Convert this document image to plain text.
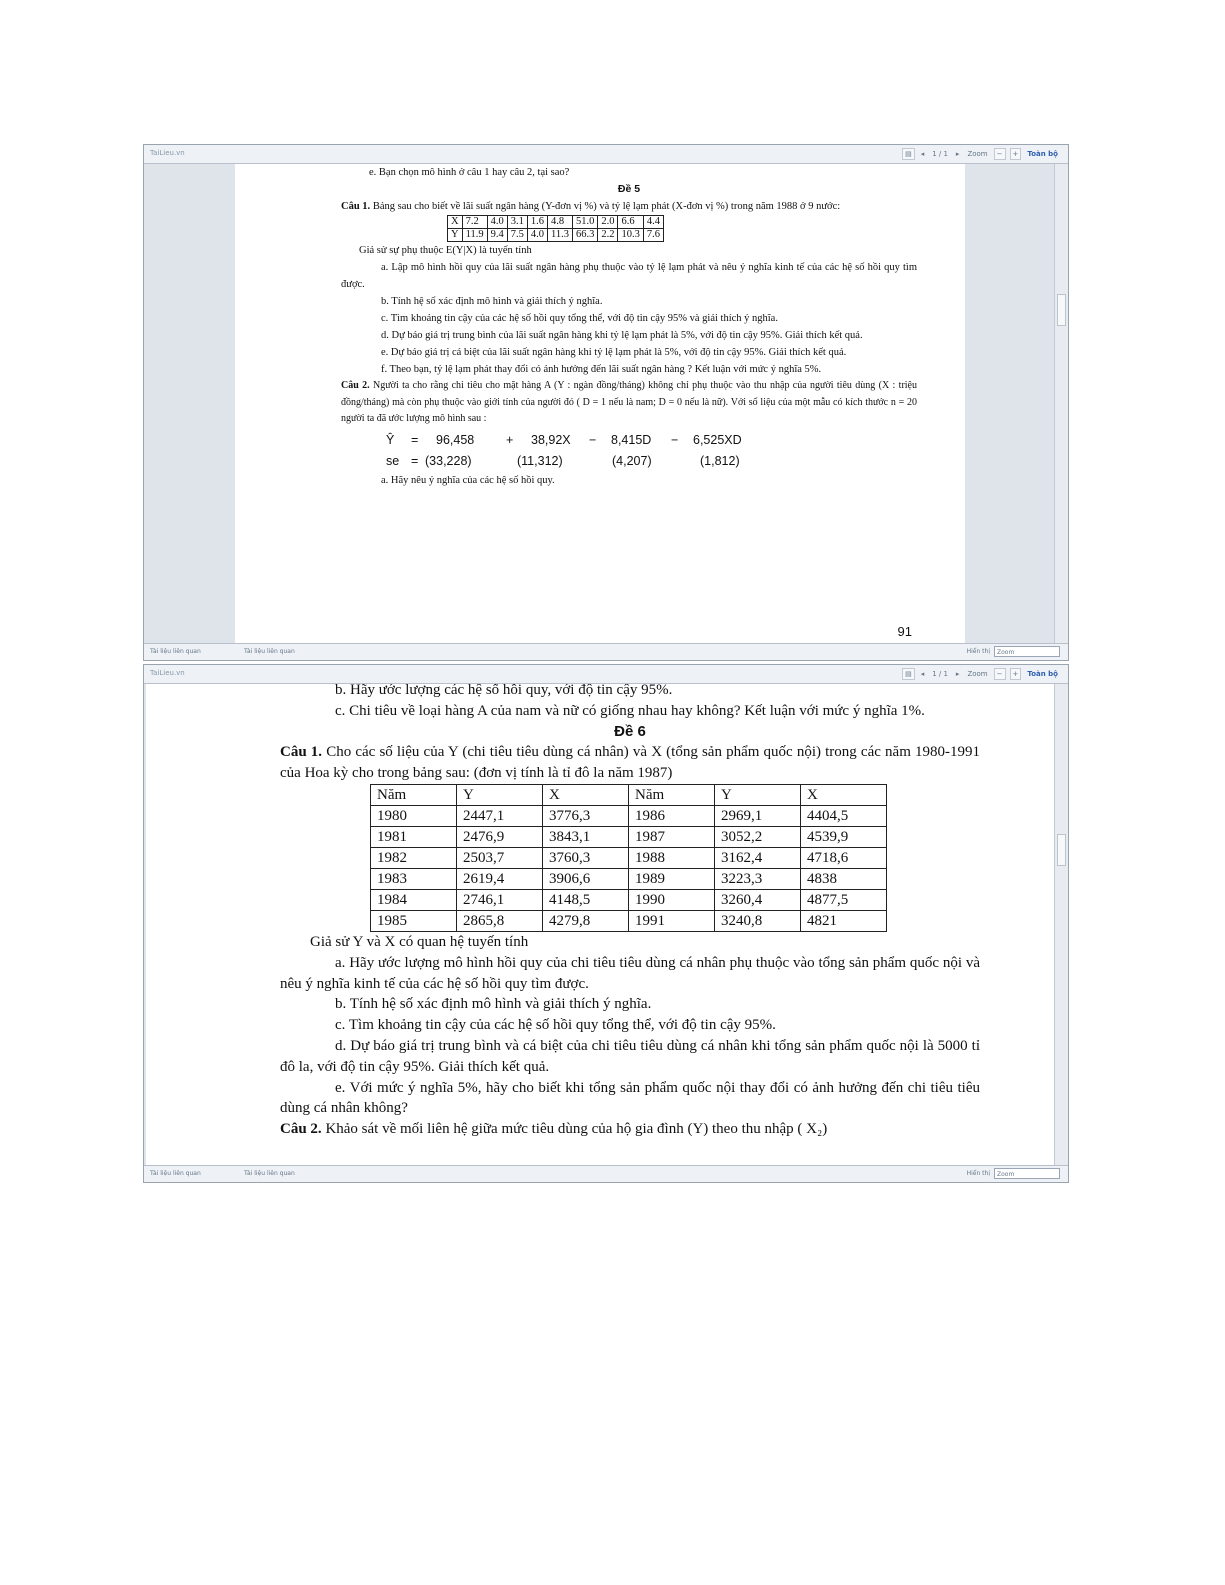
TaiLieu.vn	▤	◂ 1 / 1 ▸ Zoom	−	+	Toàn bộ

e. Bạn chọn mô hình ở câu 1 hay câu 2, tại sao?

Đề 5

Câu 1. Bảng sau cho biết về lãi suất ngân hàng (Y-đơn vị %) và tỷ lệ lạm phát (X-đơn vị %) trong năm 1988 ở 9 nước:

X	7.2	4.0	3.1	1.6	4.8	51.0	2.0	6.6	4.4
Y	11.9	9.4	7.5	4.0	11.3	66.3	2.2	10.3	7.6

Giả sử sự phụ thuộc E(Y|X) là tuyến tính

a. Lập mô hình hồi quy của lãi suất ngân hàng phụ thuộc vào tỷ lệ lạm phát và nêu ý nghĩa kinh tế của các hệ số hồi quy tìm được.

b. Tính hệ số xác định mô hình và giải thích ý nghĩa.

c. Tìm khoảng tin cậy của các hệ số hồi quy tổng thể, với độ tin cậy 95% và giải thích ý nghĩa.

d. Dự báo giá trị trung bình của lãi suất ngân hàng khi tỷ lệ lạm phát là 5%, với độ tin cậy 95%. Giải thích kết quả.

e. Dự báo giá trị cá biệt của lãi suất ngân hàng khi tỷ lệ lạm phát là 5%, với độ tin cậy 95%. Giải thích kết quả.

f. Theo bạn, tỷ lệ lạm phát thay đổi có ảnh hưởng đến lãi suất ngân hàng ? Kết luận với mức ý nghĩa 5%.

Câu 2. Người ta cho rằng chi tiêu cho mặt hàng A (Y : ngàn đồng/tháng) không chỉ phụ thuộc vào thu nhập của người tiêu dùng (X : triệu đồng/tháng) mà còn phụ thuộc vào giới tính của người đó ( D = 1 nếu là nam; D = 0 nếu là nữ). Với số liệu của một mẫu có kích thước n = 20 người ta đã ước lượng mô hình sau :

Ŷ	=	96,458	+	38,92X	−	8,415D	−	6,525XD
se = (33,228)	(11,312)	(4,207)	(1,812)

a. Hãy nêu ý nghĩa của các hệ số hồi quy.

91
Tài liệu liên quan	Tài liệu liên quan	Hiển thị	Zoom
TaiLieu.vn	▤	◂ 1 / 1 ▸ Zoom	−	+	Toàn bộ

b. Hãy ước lượng các hệ số hồi quy, với độ tin cậy 95%.

c. Chi tiêu về loại hàng A của nam và nữ có giống nhau hay không? Kết luận với mức ý nghĩa 1%.

Đề 6

Câu 1. Cho các số liệu của Y (chi tiêu tiêu dùng cá nhân) và X (tổng sản phẩm quốc nội) trong các năm 1980-1991 của Hoa kỳ cho trong bảng sau: (đơn vị tính là tỉ đô la năm 1987)

Năm	Y	X	Năm	Y	X
1980	2447,1	3776,3	1986	2969,1	4404,5
1981	2476,9	3843,1	1987	3052,2	4539,9
1982	2503,7	3760,3	1988	3162,4	4718,6
1983	2619,4	3906,6	1989	3223,3	4838
1984	2746,1	4148,5	1990	3260,4	4877,5
1985	2865,8	4279,8	1991	3240,8	4821

Giả sử Y và X có quan hệ tuyến tính

a. Hãy ước lượng mô hình hồi quy của chi tiêu tiêu dùng cá nhân phụ thuộc vào tổng sản phẩm quốc nội và nêu ý nghĩa kinh tế của các hệ số hồi quy tìm được.

b. Tính hệ số xác định mô hình và giải thích ý nghĩa.

c. Tìm khoảng tin cậy của các hệ số hồi quy tổng thể, với độ tin cậy 95%.

d. Dự báo giá trị trung bình và cá biệt của chi tiêu tiêu dùng cá nhân khi tổng sản phẩm quốc nội là 5000 tỉ đô la, với độ tin cậy 95%. Giải thích kết quả.

e. Với mức ý nghĩa 5%, hãy cho biết khi tổng sản phẩm quốc nội thay đổi có ảnh hưởng đến chi tiêu tiêu dùng cá nhân không?

Câu 2. Khảo sát về mối liên hệ giữa mức tiêu dùng của hộ gia đình (Y) theo thu nhập ( X₂)

Tài liệu liên quan	Tài liệu liên quan	Hiển thị	Zoom
